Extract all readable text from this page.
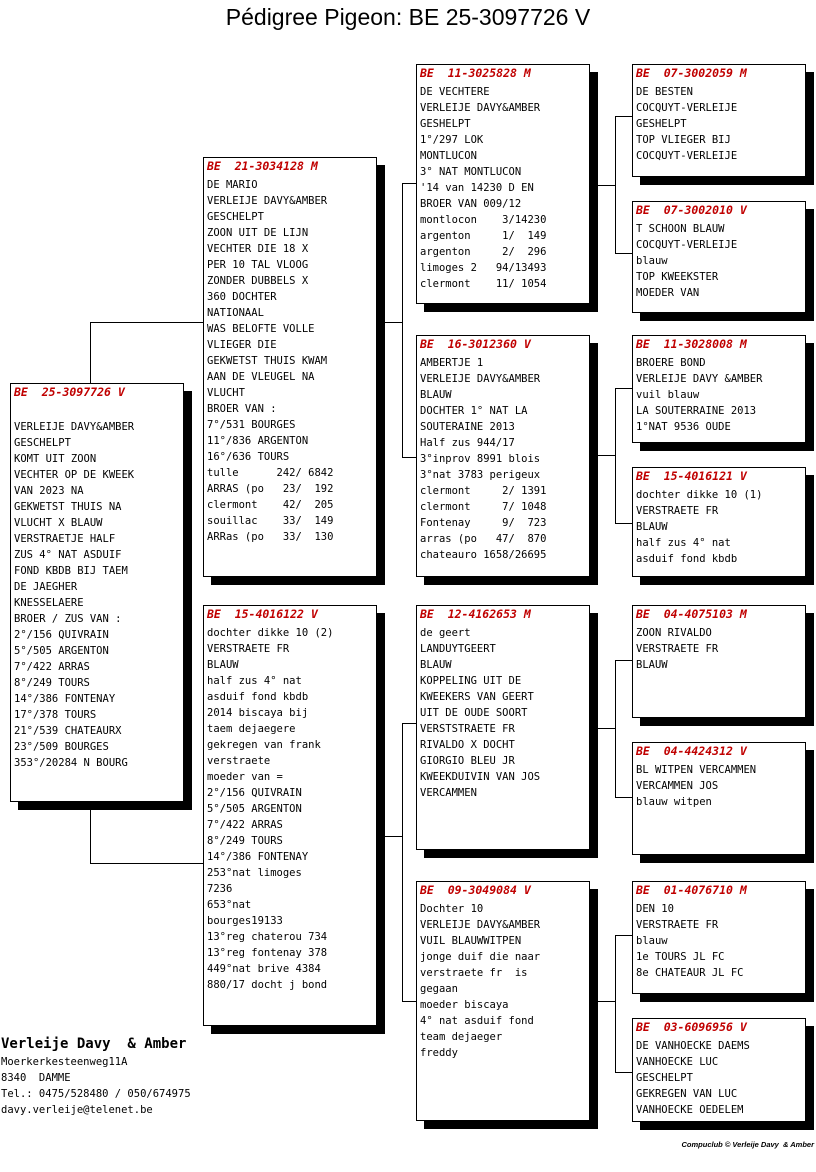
Pédigree Pigeon: BE 25-3097726 V
BE  25-3097726 V
VERLEIJE DAVY&AMBER
GESCHELPT
KOMT UIT ZOON
VECHTER OP DE KWEEK
VAN 2023 NA
GEKWETST THUIS NA
VLUCHT X BLAUW
VERSTRAETJE HALF
ZUS 4° NAT ASDUIF
FOND KBDB BIJ TAEM
DE JAEGHER
KNESSELAERE
BROER / ZUS VAN :
2°/156 QUIVRAIN
5°/505 ARGENTON
7°/422 ARRAS
8°/249 TOURS
14°/386 FONTENAY
17°/378 TOURS
21°/539 CHATEAURX
23°/509 BOURGES
353°/20284 N BOURG
BE  21-3034128 M
DE MARIO
VERLEIJE DAVY&AMBER
GESCHELPT
ZOON UIT DE LIJN
VECHTER DIE 18 X
PER 10 TAL VLOOG
ZONDER DUBBELS X
360 DOCHTER
NATIONAAL
WAS BELOFTE VOLLE
VLIEGER DIE
GEKWETST THUIS KWAM
AAN DE VLEUGEL NA
VLUCHT
BROER VAN :
7°/531 BOURGES
11°/836 ARGENTON
16°/636 TOURS
tulle      242/ 6842
ARRAS (po   23/  192
clermont    42/  205
souillac    33/  149
ARRas (po   33/  130
BE  15-4016122 V
dochter dikke 10 (2)
VERSTRAETE FR
BLAUW
half zus 4° nat
asduif fond kbdb
2014 biscaya bij
taem dejaegere
gekregen van frank
verstraete
moeder van =
2°/156 QUIVRAIN
5°/505 ARGENTON
7°/422 ARRAS
8°/249 TOURS
14°/386 FONTENAY
253°nat limoges
7236
653°nat
bourges19133
13°reg chaterou 734
13°reg fontenay 378
449°nat brive 4384
880/17 docht j bond
BE  11-3025828 M
DE VECHTERE
VERLEIJE DAVY&AMBER
GESHELPT
1°/297 LOK
MONTLUCON
3° NAT MONTLUCON
'14 van 14230 D EN
BROER VAN 009/12
montlocon    3/14230
argenton     1/  149
argenton     2/  296
limoges 2   94/13493
clermont    11/ 1054
BE  16-3012360 V
AMBERTJE 1
VERLEIJE DAVY&AMBER
BLAUW
DOCHTER 1° NAT LA
SOUTERAINE 2013
Half zus 944/17
3°inprov 8991 blois
3°nat 3783 perigeux
clermont     2/ 1391
clermont     7/ 1048
Fontenay     9/  723
arras (po   47/  870
chateauro 1658/26695
BE  12-4162653 M
de geert
LANDUYTGEERT
BLAUW
KOPPELING UIT DE
KWEEKERS VAN GEERT
UIT DE OUDE SOORT
VERSTSTRAETE FR
RIVALDO X DOCHT
GIORGIO BLEU JR
KWEEKDUIVIN VAN JOS
VERCAMMEN
BE  09-3049084 V
Dochter 10
VERLEIJE DAVY&AMBER
VUIL BLAUWWITPEN
jonge duif die naar
verstraete fr  is
gegaan
moeder biscaya
4° nat asduif fond
team dejaeger
freddy
BE  07-3002059 M
DE BESTEN
COCQUYT-VERLEIJE
GESHELPT
TOP VLIEGER BIJ
COCQUYT-VERLEIJE
BE  07-3002010 V
T SCHOON BLAUW
COCQUYT-VERLEIJE
blauw
TOP KWEEKSTER
MOEDER VAN
BE  11-3028008 M
BROERE BOND
VERLEIJE DAVY &AMBER
vuil blauw
LA SOUTERRAINE 2013
1°NAT 9536 OUDE
BE  15-4016121 V
dochter dikke 10 (1)
VERSTRAETE FR
BLAUW
half zus 4° nat
asduif fond kbdb
BE  04-4075103 M
ZOON RIVALDO
VERSTRAETE FR
BLAUW
BE  04-4424312 V
BL WITPEN VERCAMMEN
VERCAMMEN JOS
blauw witpen
BE  01-4076710 M
DEN 10
VERSTRAETE FR
blauw
1e TOURS JL FC
8e CHATEAUR JL FC
BE  03-6096956 V
DE VANHOECKE DAEMS
VANHOECKE LUC
GESCHELPT
GEKREGEN VAN LUC
VANHOECKE OEDELEM
Verleije Davy  & Amber
Moerkerkesteenweg11A
8340  DAMME
Tel.: 0475/528480 / 050/674975
davy.verleije@telenet.be
Compuclub © Verleije Davy  & Amber
